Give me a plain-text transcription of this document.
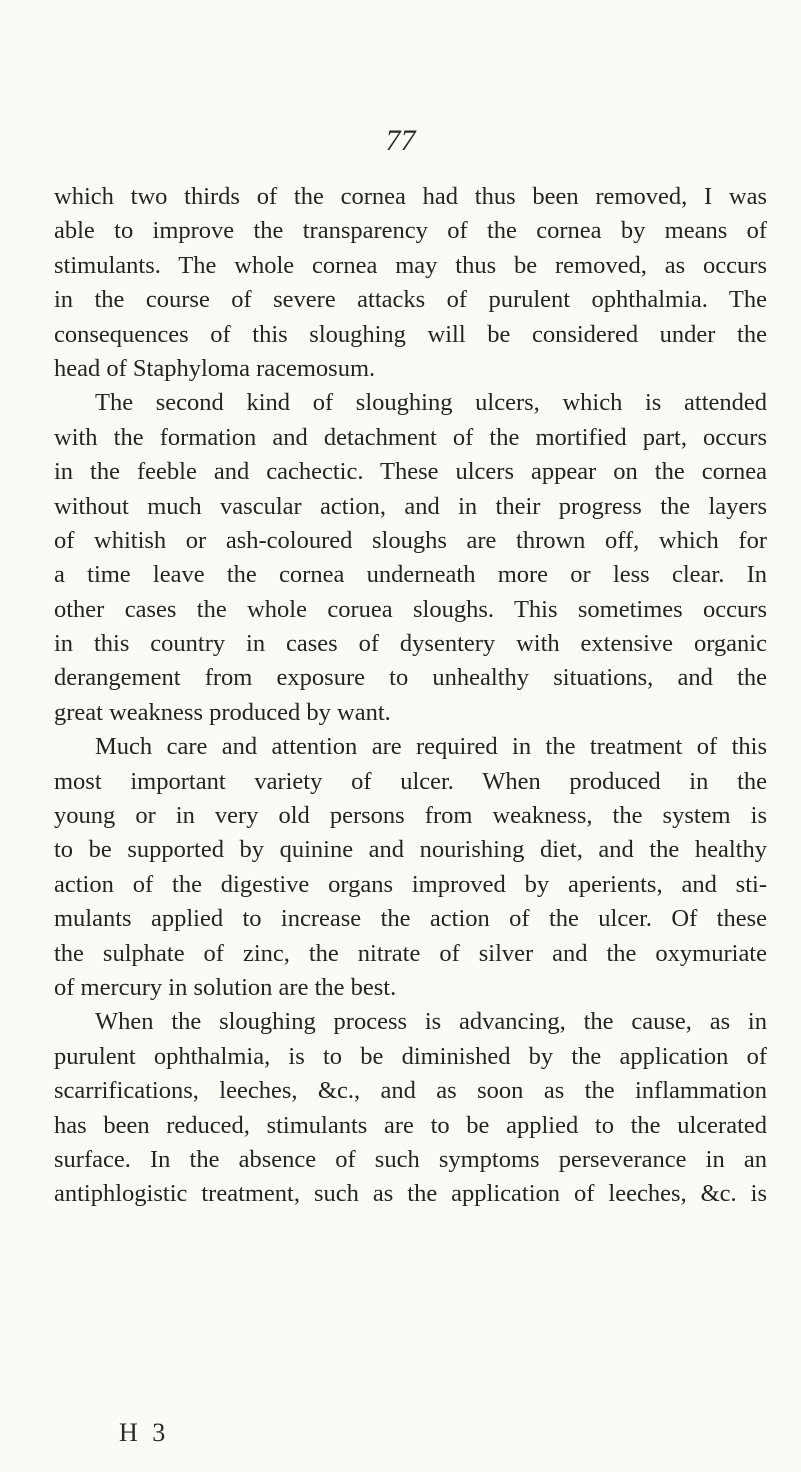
77
which two thirds of the cornea had thus been removed, I was
able to improve the transparency of the cornea by means of
stimulants. The whole cornea may thus be removed, as occurs
in the course of severe attacks of purulent ophthalmia. The
consequences of this sloughing will be considered under the
head of Staphyloma racemosum.
The second kind of sloughing ulcers, which is attended
with the formation and detachment of the mortified part, occurs
in the feeble and cachectic. These ulcers appear on the cornea
without much vascular action, and in their progress the layers
of whitish or ash-coloured sloughs are thrown off, which for
a time leave the cornea underneath more or less clear. In
other cases the whole coruea sloughs. This sometimes occurs
in this country in cases of dysentery with extensive organic
derangement from exposure to unhealthy situations, and the
great weakness produced by want.
Much care and attention are required in the treatment of this
most important variety of ulcer. When produced in the
young or in very old persons from weakness, the system is
to be supported by quinine and nourishing diet, and the healthy
action of the digestive organs improved by aperients, and sti-
mulants applied to increase the action of the ulcer. Of these
the sulphate of zinc, the nitrate of silver and the oxymuriate
of mercury in solution are the best.
When the sloughing process is advancing, the cause, as in
purulent ophthalmia, is to be diminished by the application of
scarrifications, leeches, &c., and as soon as the inflammation
has been reduced, stimulants are to be applied to the ulcerated
surface. In the absence of such symptoms perseverance in an
antiphlogistic treatment, such as the application of leeches, &c. is
H 3
